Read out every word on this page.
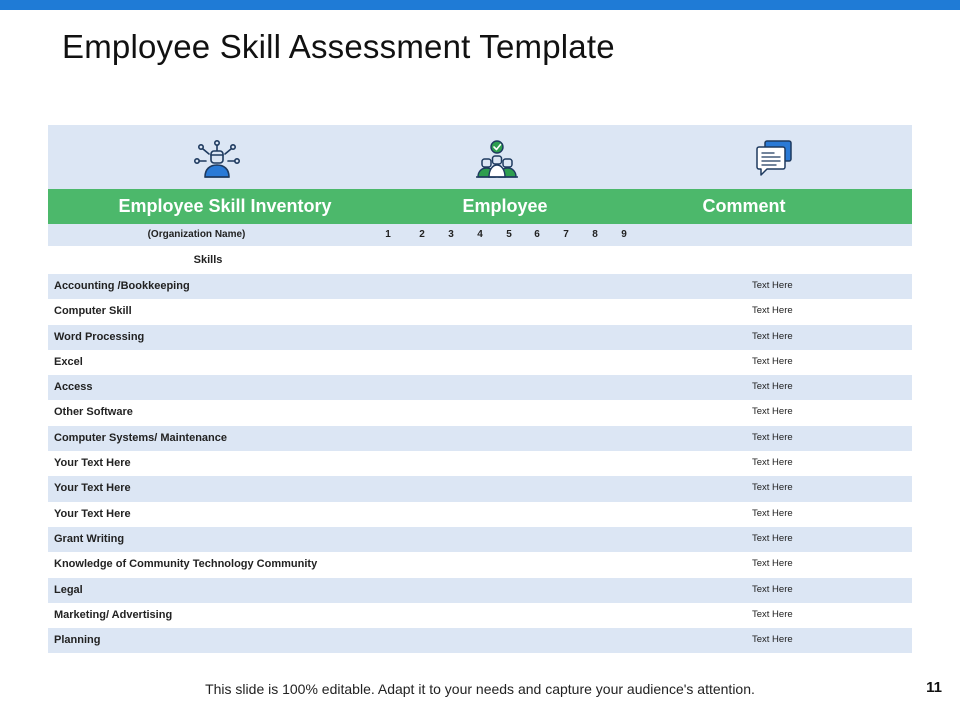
Employee Skill Assessment Template
Employee Skill Inventory	Employee	Comment
(Organization Name)	1	2	3	4	5	6	7	8	9
Skills
Accounting /Bookkeeping	Text Here
Computer Skill	Text Here
Word Processing	Text Here
Excel	Text Here
Access	Text Here
Other Software	Text Here
Computer Systems/ Maintenance	Text Here
Your Text Here	Text Here
Your Text Here	Text Here
Your Text Here	Text Here
Grant Writing	Text Here
Knowledge of Community Technology Community	Text Here
Legal	Text Here
Marketing/ Advertising	Text Here
Planning	Text Here
This slide is 100% editable. Adapt it to your needs and capture your audience's attention.	11
